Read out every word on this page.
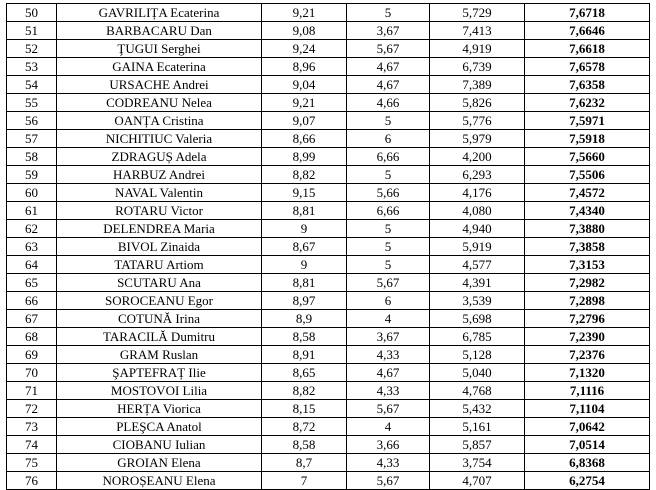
50	GAVRILIȚA Ecaterina	9,21	5	5,729	7,6718
51	BARBACARU Dan	9,08	3,67	7,413	7,6646
52	ŢUGUI Serghei	9,24	5,67	4,919	7,6618
53	GAINA Ecaterina	8,96	4,67	6,739	7,6578
54	URSACHE Andrei	9,04	4,67	7,389	7,6358
55	CODREANU Nelea	9,21	4,66	5,826	7,6232
56	OANȚA Cristina	9,07	5	5,776	7,5971
57	NICHITIUC Valeria	8,66	6	5,979	7,5918
58	ZDRAGUȘ Adela	8,99	6,66	4,200	7,5660
59	HARBUZ Andrei	8,82	5	6,293	7,5506
60	NAVAL Valentin	9,15	5,66	4,176	7,4572
61	ROTARU Victor	8,81	6,66	4,080	7,4340
62	DELENDREA Maria	9	5	4,940	7,3880
63	BIVOL Zinaida	8,67	5	5,919	7,3858
64	TATARU Artiom	9	5	4,577	7,3153
65	SCUTARU Ana	8,81	5,67	4,391	7,2982
66	SOROCEANU Egor	8,97	6	3,539	7,2898
67	COTUNĂ Irina	8,9	4	5,698	7,2796
68	TARACILĂ Dumitru	8,58	3,67	6,785	7,2390
69	GRAM Ruslan	8,91	4,33	5,128	7,2376
70	ŞAPTEFRAȚ Ilie	8,65	4,67	5,040	7,1320
71	MOSTOVOI Lilia	8,82	4,33	4,768	7,1116
72	HERȚA Viorica	8,15	5,67	5,432	7,1104
73	PLEŞCA Anatol	8,72	4	5,161	7,0642
74	CIOBANU Iulian	8,58	3,66	5,857	7,0514
75	GROIAN Elena	8,7	4,33	3,754	6,8368
76	NOROȘEANU Elena	7	5,67	4,707	6,2754
